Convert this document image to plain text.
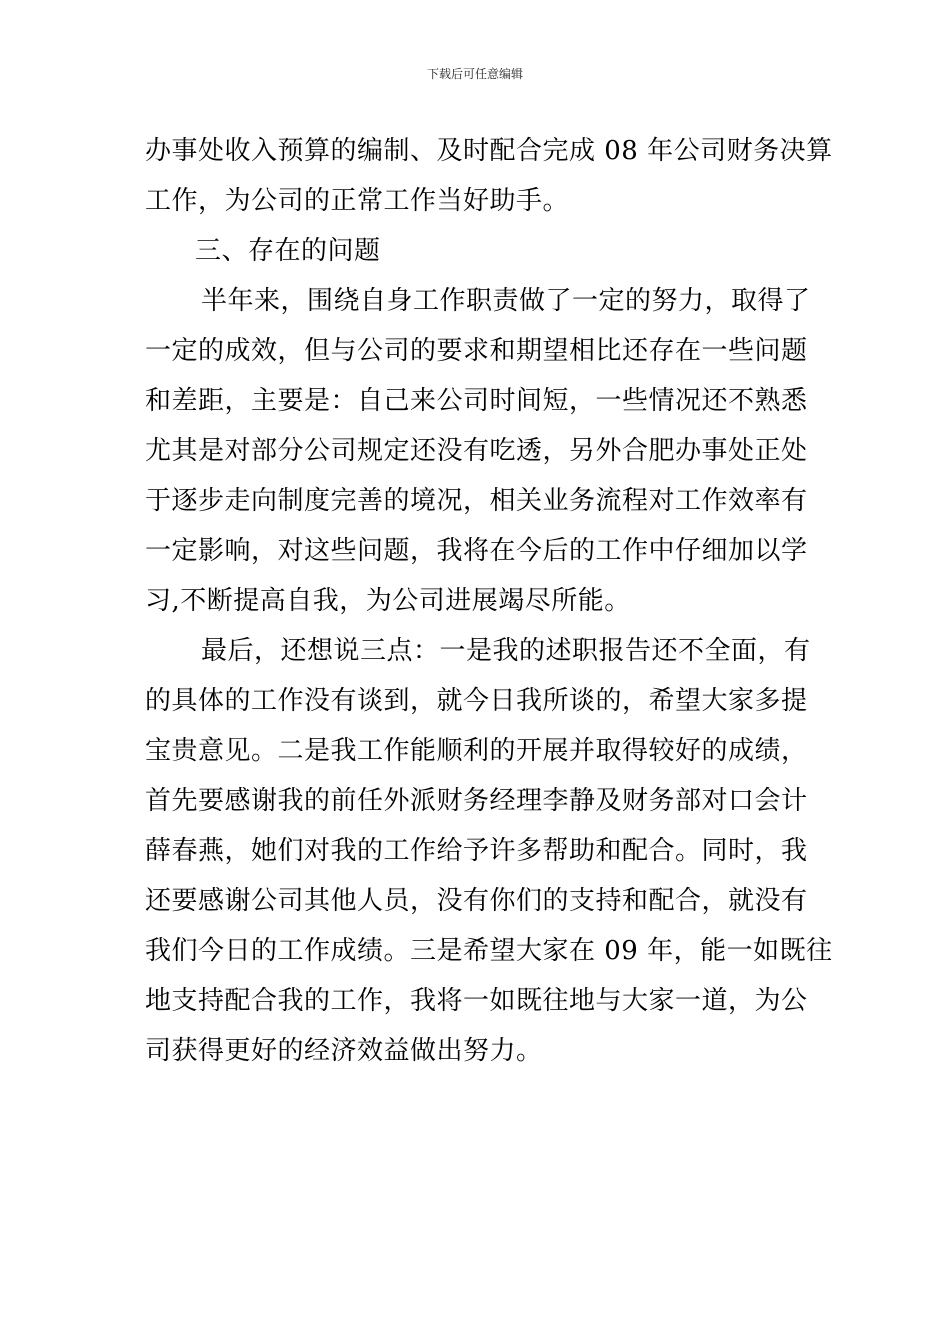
下载后可任意编辑
办事处收入预算的编制、及时配合完成 08 年公司财务决算
工作，为公司的正常工作当好助手。
三、存在的问题
半年来，围绕自身工作职责做了一定的努力，取得了
一定的成效，但与公司的要求和期望相比还存在一些问题
和差距，主要是：自己来公司时间短，一些情况还不熟悉
尤其是对部分公司规定还没有吃透，另外合肥办事处正处
于逐步走向制度完善的境况，相关业务流程对工作效率有
一定影响，对这些问题，我将在今后的工作中仔细加以学
习,不断提高自我，为公司进展竭尽所能。
最后，还想说三点：一是我的述职报告还不全面，有
的具体的工作没有谈到，就今日我所谈的，希望大家多提
宝贵意见。二是我工作能顺利的开展并取得较好的成绩，
首先要感谢我的前任外派财务经理李静及财务部对口会计
薛春燕，她们对我的工作给予许多帮助和配合。同时，我
还要感谢公司其他人员，没有你们的支持和配合，就没有
我们今日的工作成绩。三是希望大家在 09 年，能一如既往
地支持配合我的工作，我将一如既往地与大家一道，为公
司获得更好的经济效益做出努力。
